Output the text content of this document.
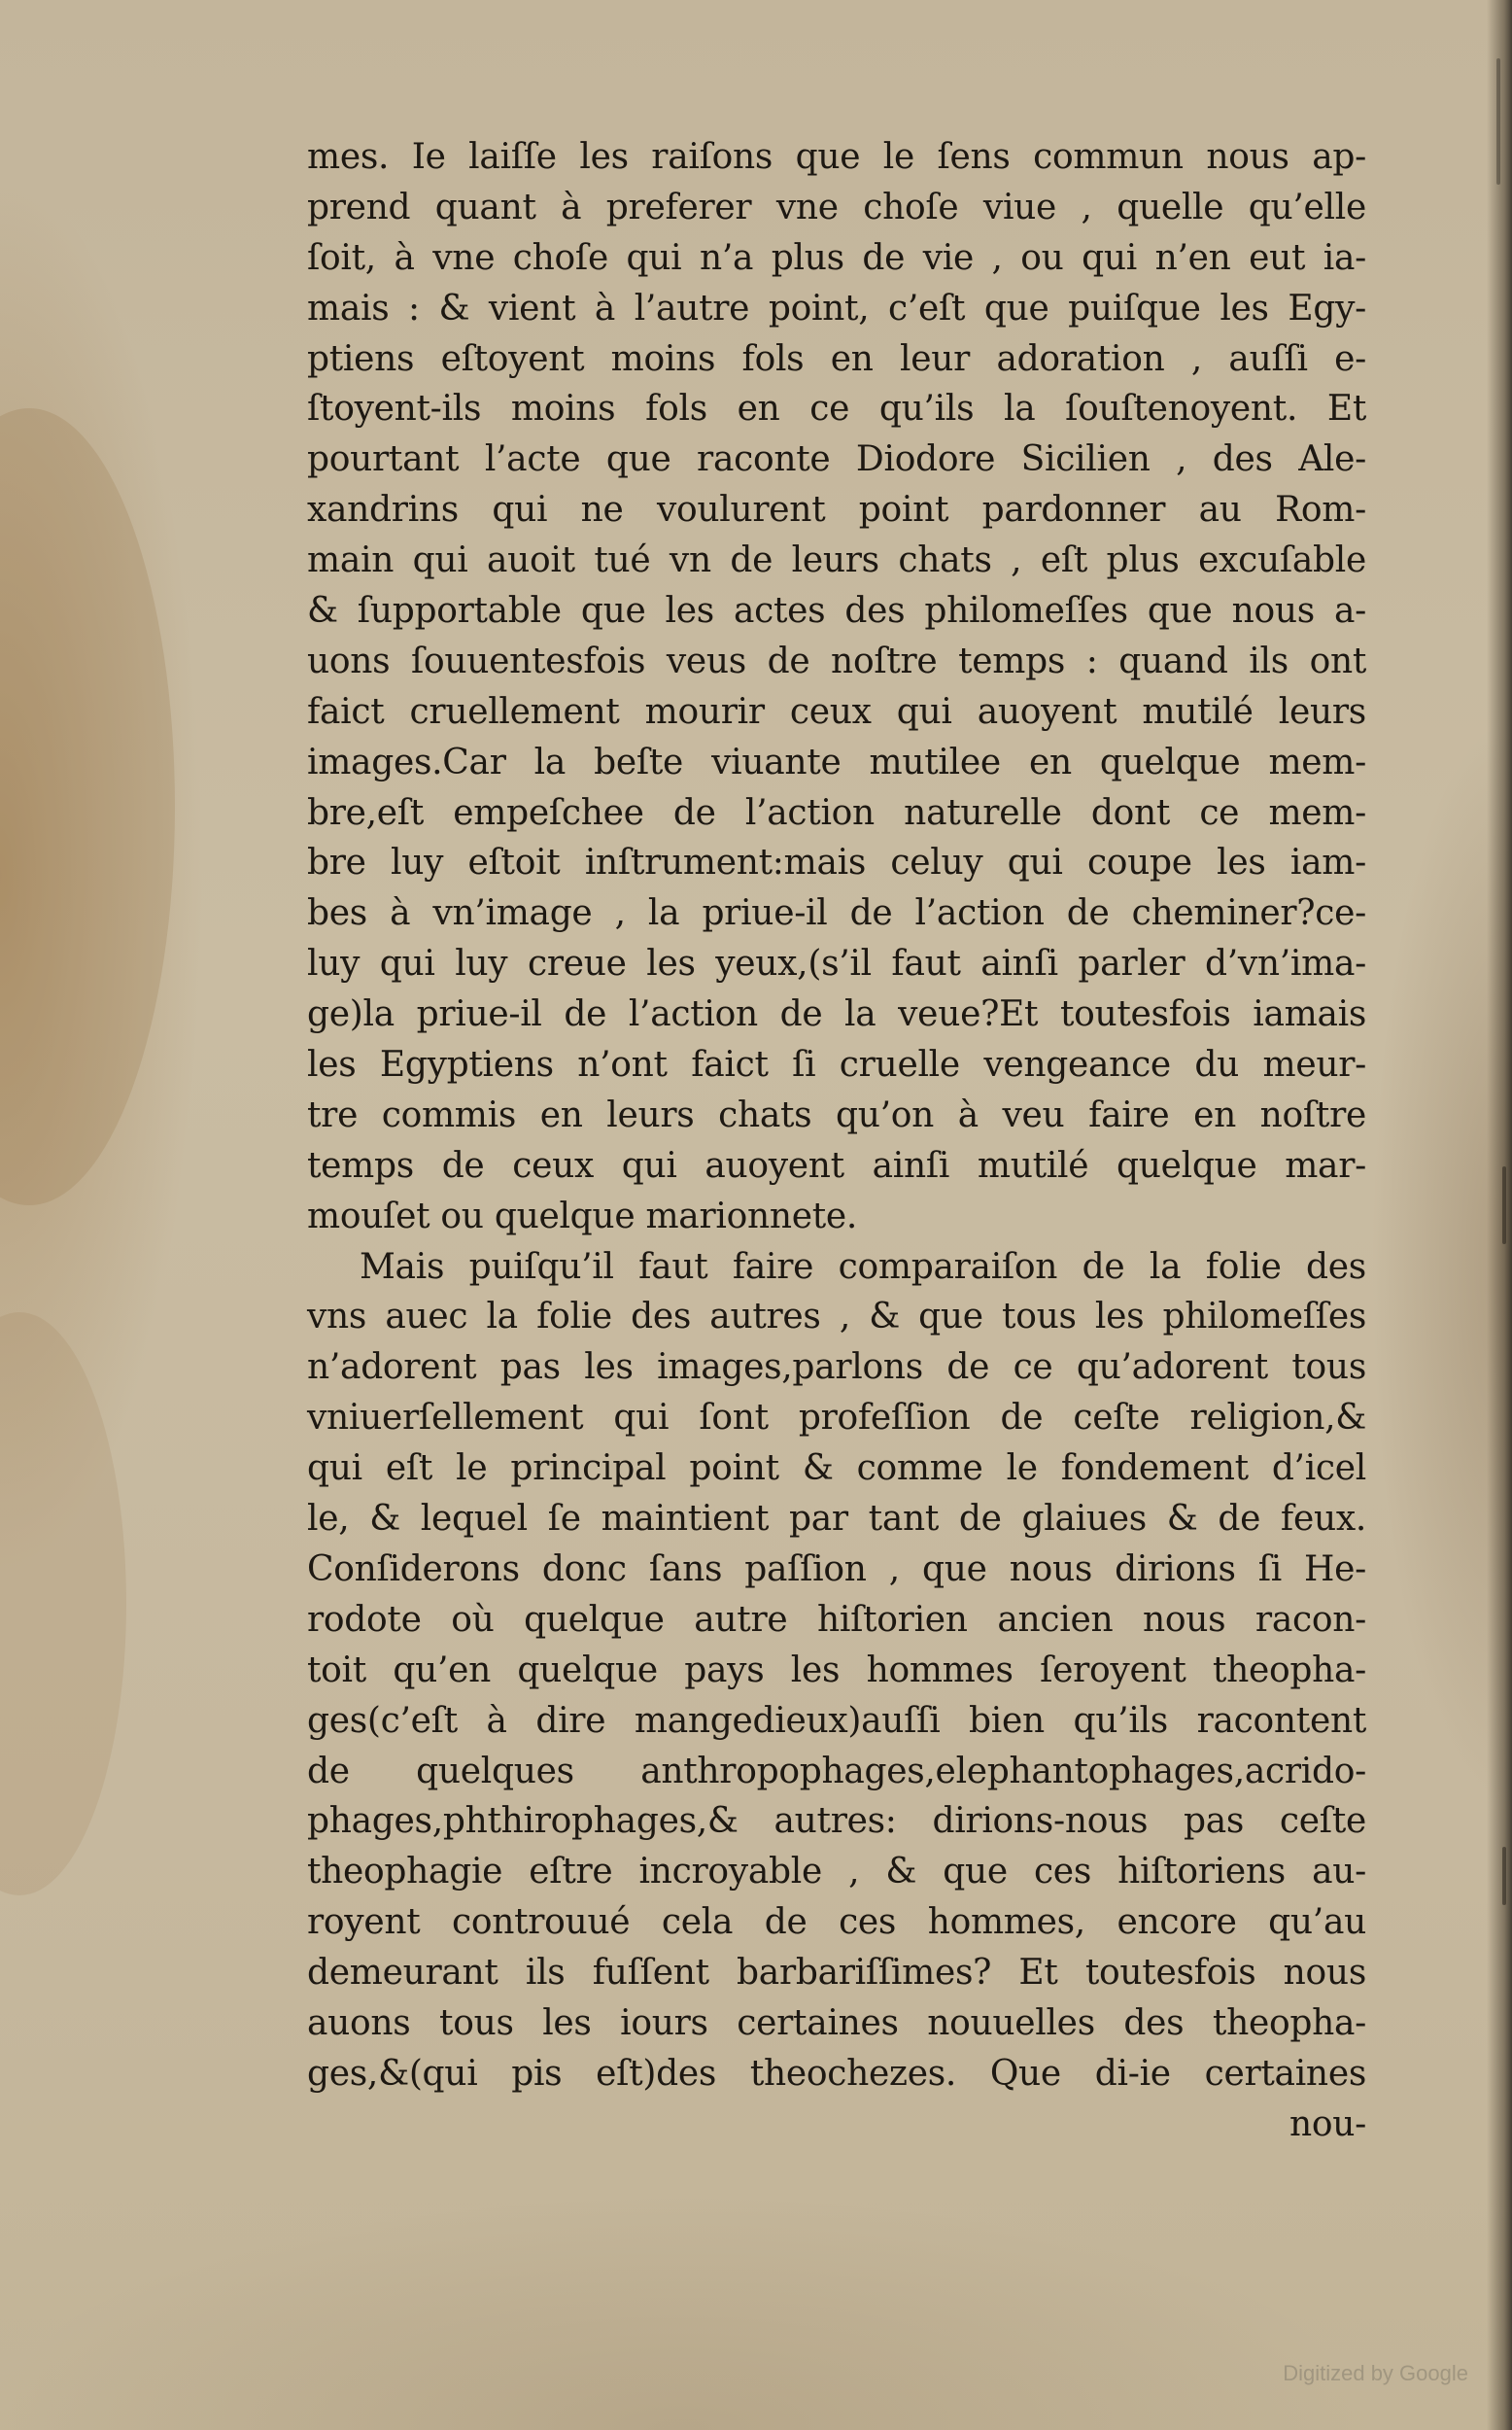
mes. Ie laiſſe les raiſons que le ſens commun nous ap-
prend quant à preferer vne choſe viue , quelle qu’elle
ſoit, à vne choſe qui n’a plus de vie , ou qui n’en eut ia-
mais : & vient à l’autre point, c’eſt que puiſque les Egy-
ptiens eſtoyent moins fols en leur adoration , auſſi e-
ſtoyent-ils moins fols en ce qu’ils la ſouſtenoyent. Et
pourtant l’acte que raconte Diodore Sicilien , des Ale-
xandrins qui ne voulurent point pardonner au Rom-
main qui auoit tué vn de leurs chats , eſt plus excuſable
& ſupportable que les actes des philomeſſes que nous a-
uons ſouuentesfois veus de noſtre temps : quand ils ont
faict cruellement mourir ceux qui auoyent mutilé leurs
images.Car la beſte viuante mutilee en quelque mem-
bre,eſt empeſchee de l’action naturelle dont ce mem-
bre luy eſtoit inſtrument:mais celuy qui coupe les iam-
bes à vn’image , la priue-il de l’action de cheminer?ce-
luy qui luy creue les yeux,(s’il faut ainſi parler d’vn’ima-
ge)la priue-il de l’action de la veue?Et toutesfois iamais
les Egyptiens n’ont faict ſi cruelle vengeance du meur-
tre commis en leurs chats qu’on à veu faire en noſtre
temps de ceux qui auoyent ainſi mutilé quelque mar-
mouſet ou quelque marionnete.
Mais puiſqu’il faut faire comparaiſon de la folie des
vns auec la folie des autres , & que tous les philomeſſes
n’adorent pas les images,parlons de ce qu’adorent tous
vniuerſellement qui ſont profeſſion de ceſte religion,&
qui eſt le principal point & comme le fondement d’icel
le, & lequel ſe maintient par tant de glaiues & de feux.
Conſiderons donc ſans paſſion , que nous dirions ſi He-
rodote où quelque autre hiſtorien ancien nous racon-
toit qu’en quelque pays les hommes ſeroyent theopha-
ges(c’eſt à dire mangedieux)auſſi bien qu’ils racontent
de quelques anthropophages,elephantophages,acrido-
phages,phthirophages,& autres: dirions-nous pas ceſte
theophagie eſtre incroyable , & que ces hiſtoriens au-
royent controuué cela de ces hommes, encore qu’au
demeurant ils fuſſent barbariſſimes? Et toutesfois nous
auons tous les iours certaines nouuelles des theopha-
ges,&(qui pis eſt)des theochezes. Que di-ie certaines
nou-
Digitized by Google
